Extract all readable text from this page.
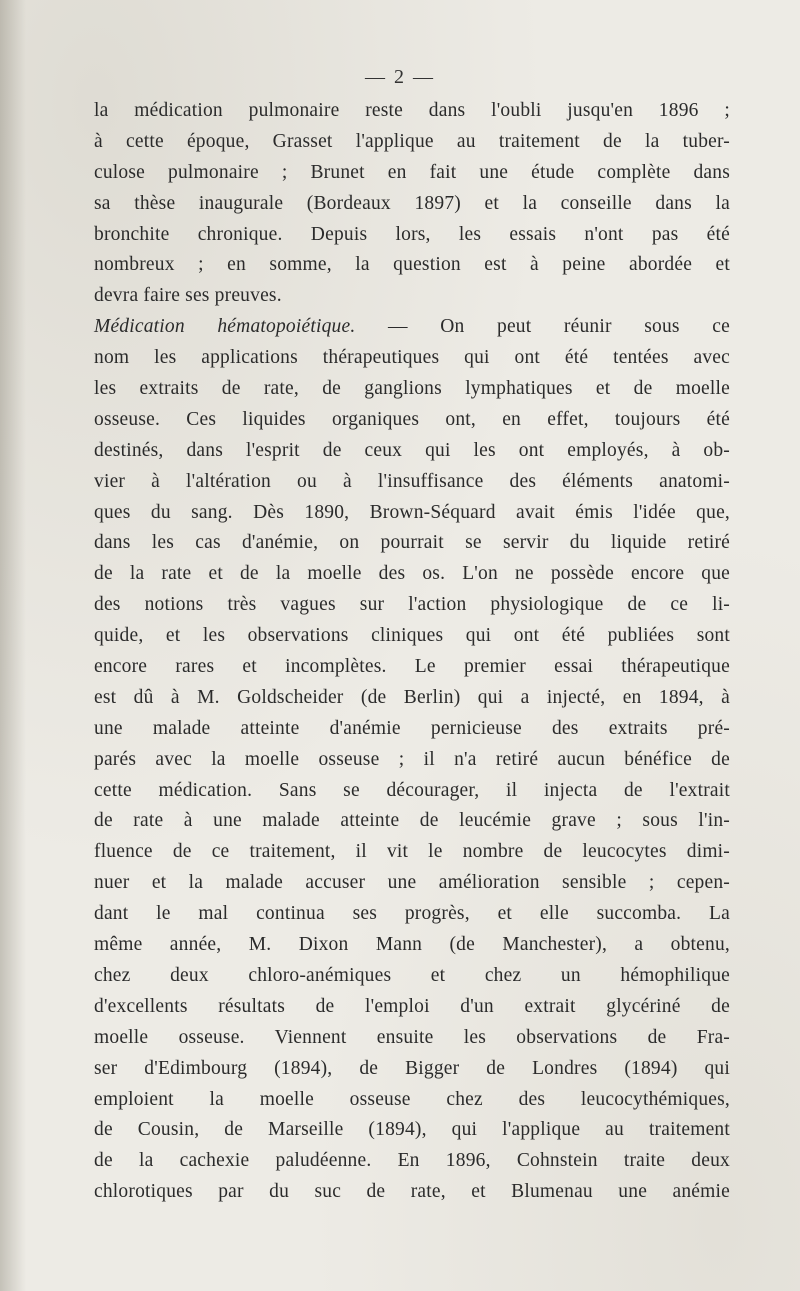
— 2 —
la médication pulmonaire reste dans l'oubli jusqu'en 1896 ;
à cette époque, Grasset l'applique au traitement de la tuber-
culose pulmonaire ; Brunet en fait une étude complète dans
sa thèse inaugurale (Bordeaux 1897) et la conseille dans la
bronchite chronique. Depuis lors, les essais n'ont pas été
nombreux ; en somme, la question est à peine abordée et
devra faire ses preuves.
Médication hématopoiétique. — On peut réunir sous ce
nom les applications thérapeutiques qui ont été tentées avec
les extraits de rate, de ganglions lymphatiques et de moelle
osseuse. Ces liquides organiques ont, en effet, toujours été
destinés, dans l'esprit de ceux qui les ont employés, à ob-
vier à l'altération ou à l'insuffisance des éléments anatomi-
ques du sang. Dès 1890, Brown-Séquard avait émis l'idée que,
dans les cas d'anémie, on pourrait se servir du liquide retiré
de la rate et de la moelle des os. L'on ne possède encore que
des notions très vagues sur l'action physiologique de ce li-
quide, et les observations cliniques qui ont été publiées sont
encore rares et incomplètes. Le premier essai thérapeutique
est dû à M. Goldscheider (de Berlin) qui a injecté, en 1894, à
une malade atteinte d'anémie pernicieuse des extraits pré-
parés avec la moelle osseuse ; il n'a retiré aucun bénéfice de
cette médication. Sans se décourager, il injecta de l'extrait
de rate à une malade atteinte de leucémie grave ; sous l'in-
fluence de ce traitement, il vit le nombre de leucocytes dimi-
nuer et la malade accuser une amélioration sensible ; cepen-
dant le mal continua ses progrès, et elle succomba. La
même année, M. Dixon Mann (de Manchester), a obtenu,
chez deux chloro-anémiques et chez un hémophilique
d'excellents résultats de l'emploi d'un extrait glycériné de
moelle osseuse. Viennent ensuite les observations de Fra-
ser d'Edimbourg (1894), de Bigger de Londres (1894) qui
emploient la moelle osseuse chez des leucocythémiques,
de Cousin, de Marseille (1894), qui l'applique au traitement
de la cachexie paludéenne. En 1896, Cohnstein traite deux
chlorotiques par du suc de rate, et Blumenau une anémie
